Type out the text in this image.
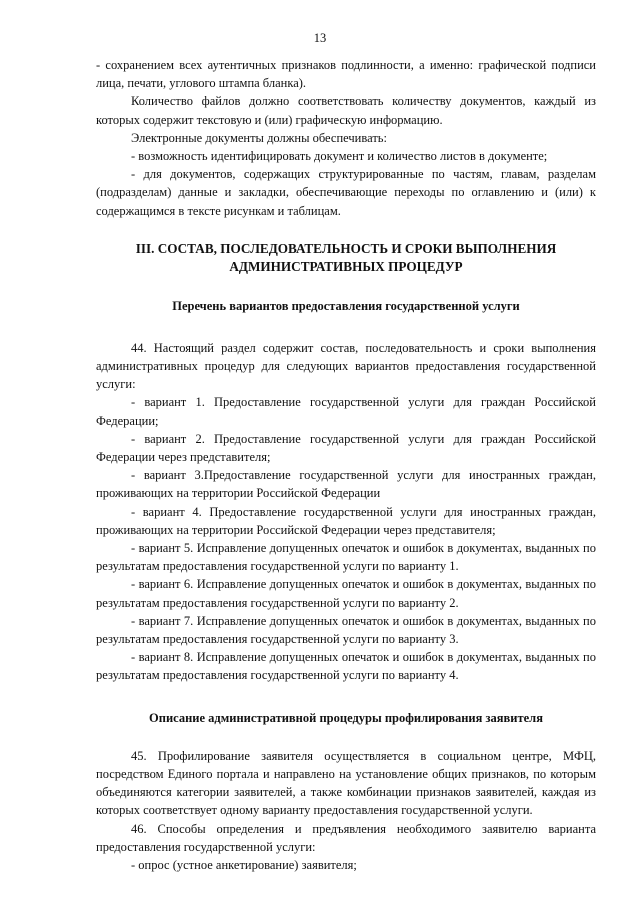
13

- сохранением всех аутентичных признаков подлинности, а именно: графической подписи лица, печати, углового штампа бланка).

Количество файлов должно соответствовать количеству документов, каждый из которых содержит текстовую и (или) графическую информацию.

Электронные документы должны обеспечивать:

- возможность идентифицировать документ и количество листов в документе;

- для документов, содержащих структурированные по частям, главам, разделам (подразделам) данные и закладки, обеспечивающие переходы по оглавлению и (или) к содержащимся в тексте рисункам и таблицам.

III. СОСТАВ, ПОСЛЕДОВАТЕЛЬНОСТЬ И СРОКИ ВЫПОЛНЕНИЯ АДМИНИСТРАТИВНЫХ ПРОЦЕДУР

Перечень вариантов предоставления государственной услуги

44. Настоящий раздел содержит состав, последовательность и сроки выполнения административных процедур для следующих вариантов предоставления государственной услуги:

- вариант 1. Предоставление государственной услуги для граждан Российской Федерации;

- вариант 2. Предоставление государственной услуги для граждан Российской Федерации через представителя;

- вариант 3.Предоставление государственной услуги для иностранных граждан, проживающих на территории Российской Федерации

- вариант 4. Предоставление государственной услуги для иностранных граждан, проживающих на территории Российской Федерации через представителя;

- вариант 5. Исправление допущенных опечаток и ошибок в документах, выданных по результатам предоставления государственной услуги по варианту 1.

- вариант 6. Исправление допущенных опечаток и ошибок в документах, выданных по результатам предоставления государственной услуги по варианту 2.

- вариант 7. Исправление допущенных опечаток и ошибок в документах, выданных по результатам предоставления государственной услуги по варианту 3.

- вариант 8. Исправление допущенных опечаток и ошибок в документах, выданных по результатам предоставления государственной услуги по варианту 4.

Описание административной процедуры профилирования заявителя

45. Профилирование заявителя осуществляется в социальном центре, МФЦ, посредством Единого портала и направлено на установление общих признаков, по которым объединяются категории заявителей, а также комбинации признаков заявителей, каждая из которых соответствует одному варианту предоставления государственной услуги.

46. Способы определения и предъявления необходимого заявителю варианта предоставления государственной услуги:

- опрос (устное анкетирование) заявителя;
